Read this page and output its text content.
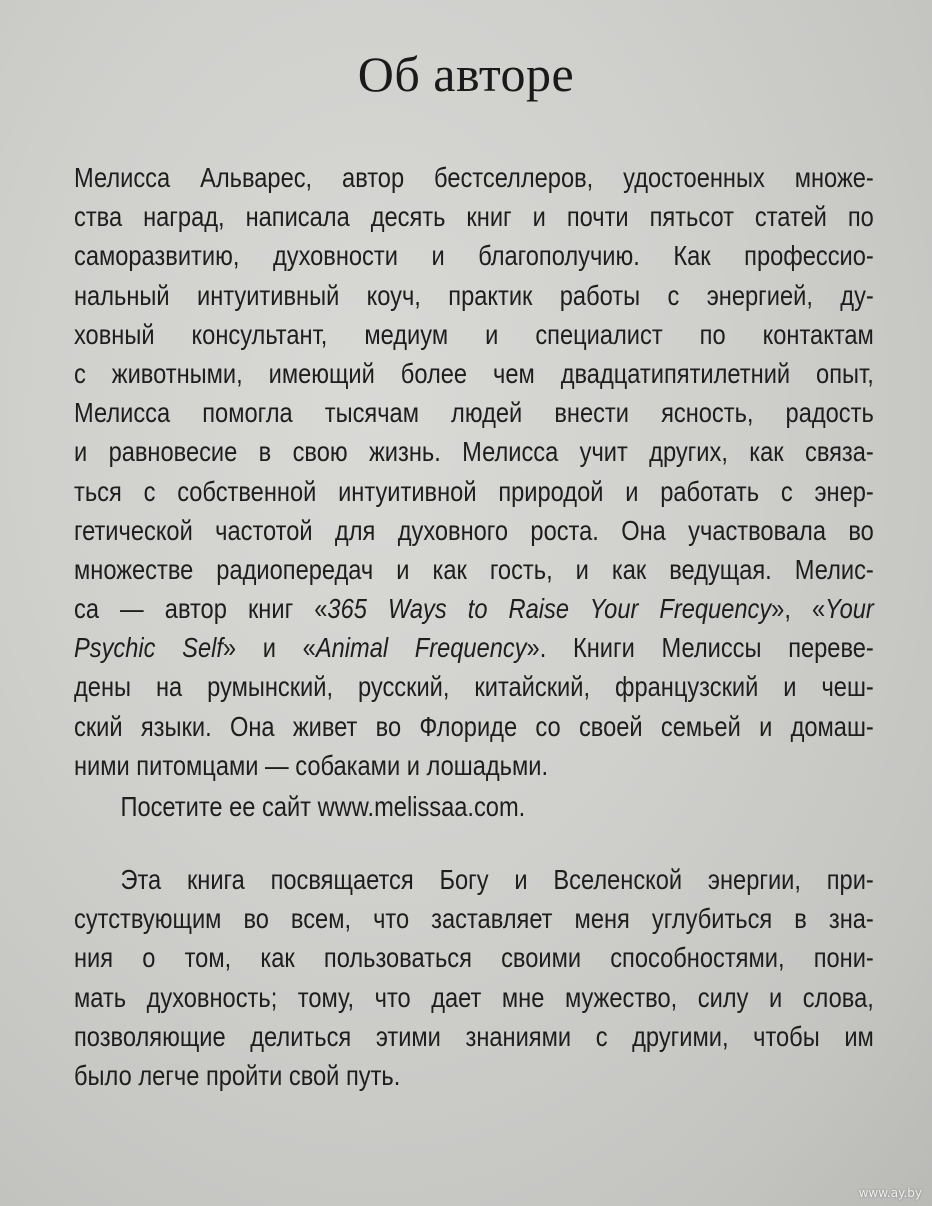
Об авторе
Мелисса Альварес, автор бестселлеров, удостоенных множе-
ства наград, написала десять книг и почти пятьсот статей по
саморазвитию, духовности и благополучию. Как профессио-
нальный интуитивный коуч, практик работы с энергией, ду-
ховный консультант, медиум и специалист по контактам
с животными, имеющий более чем двадцатипятилетний опыт,
Мелисса помогла тысячам людей внести ясность, радость
и равновесие в свою жизнь. Мелисса учит других, как связа-
ться с собственной интуитивной природой и работать с энер-
гетической частотой для духовного роста. Она участвовала во
множестве радиопередач и как гость, и как ведущая. Мелис-
са — автор книг «365 Ways to Raise Your Frequency», «Your
Psychic Self» и «Animal Frequency». Книги Мелиссы переве-
дены на румынский, русский, китайский, французский и чеш-
ский языки. Она живет во Флориде со своей семьей и домаш-
ними питомцами — собаками и лошадьми.
Посетите ее сайт www.melissaa.com.
Эта книга посвящается Богу и Вселенской энергии, при-
сутствующим во всем, что заставляет меня углубиться в зна-
ния о том, как пользоваться своими способностями, пони-
мать духовность; тому, что дает мне мужество, силу и слова,
позволяющие делиться этими знаниями с другими, чтобы им
было легче пройти свой путь.
www.ay.by
